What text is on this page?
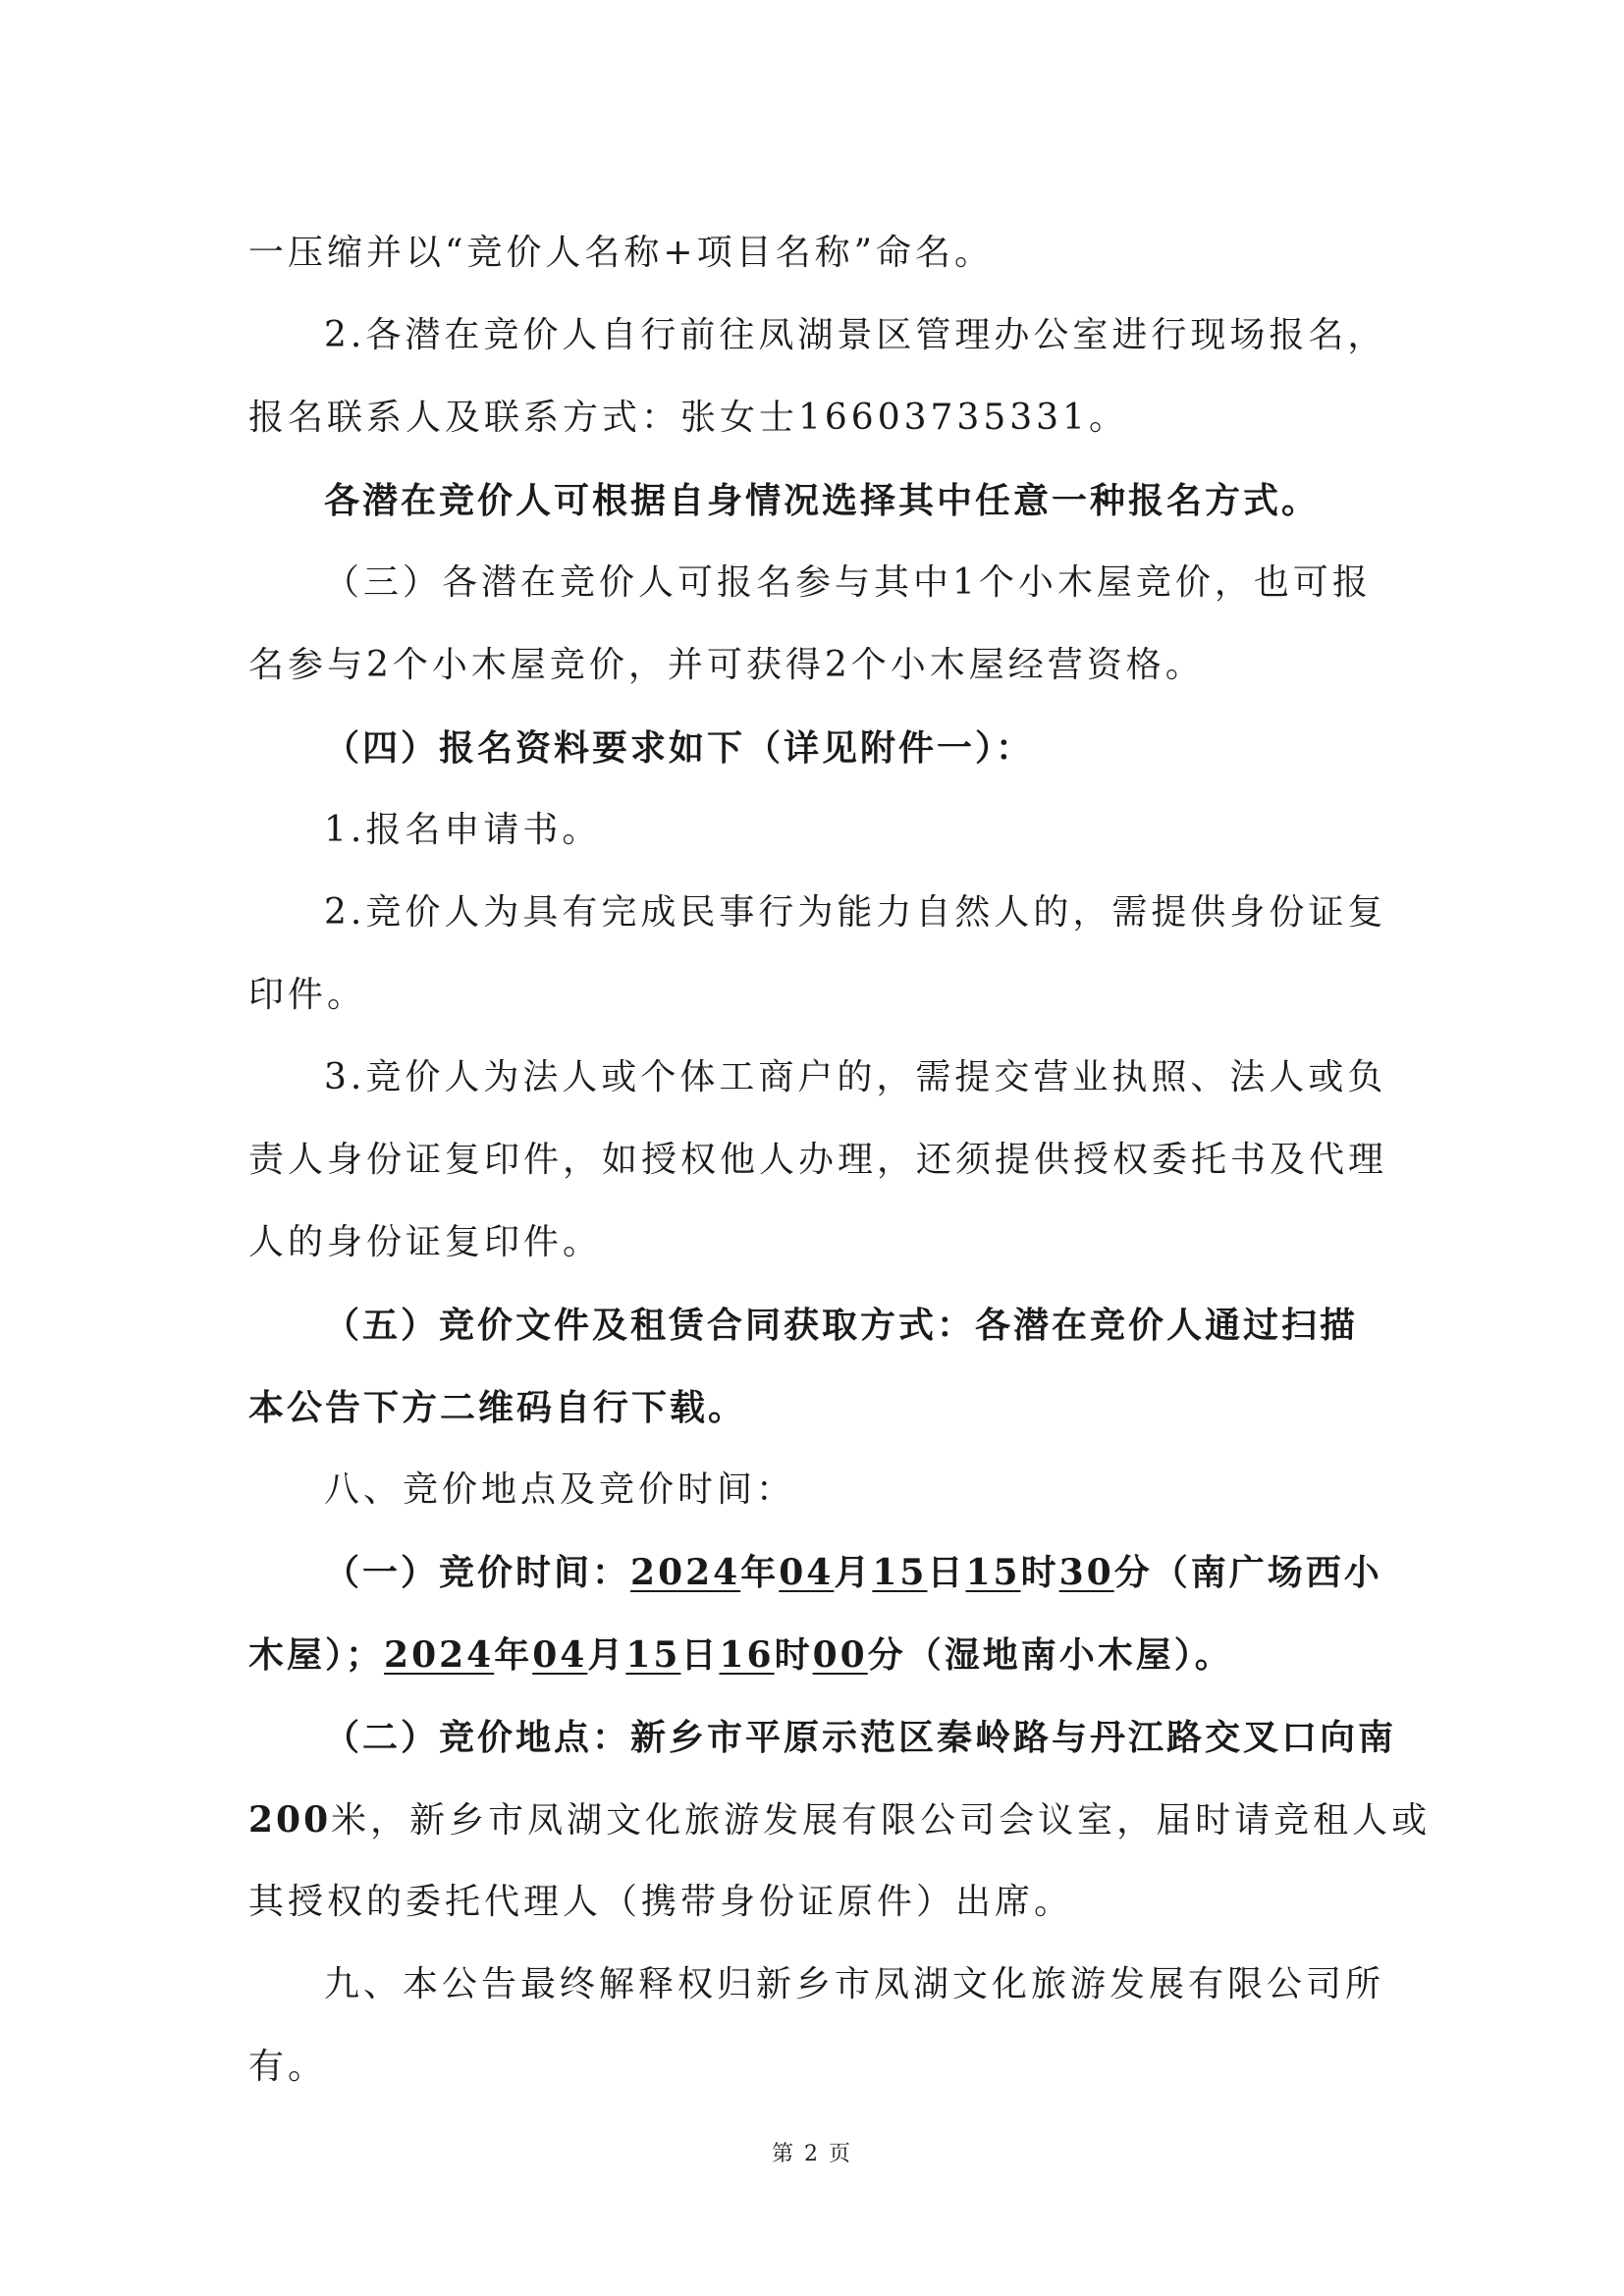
一压缩并以“竞价人名称+项目名称”命名。
2.各潜在竞价人自行前往凤湖景区管理办公室进行现场报名，
报名联系人及联系方式：张女士16603735331。
各潜在竞价人可根据自身情况选择其中任意一种报名方式。
（三）各潜在竞价人可报名参与其中1个小木屋竞价，也可报
名参与2个小木屋竞价，并可获得2个小木屋经营资格。
（四）报名资料要求如下（详见附件一）：
1.报名申请书。
2.竞价人为具有完成民事行为能力自然人的，需提供身份证复
印件。
3.竞价人为法人或个体工商户的，需提交营业执照、法人或负
责人身份证复印件，如授权他人办理，还须提供授权委托书及代理
人的身份证复印件。
（五）竞价文件及租赁合同获取方式：各潜在竞价人通过扫描
本公告下方二维码自行下载。
八、竞价地点及竞价时间：
（一）竞价时间：2024年04月15日15时30分（南广场西小
木屋）；2024年04月15日16时00分（湿地南小木屋）。
（二）竞价地点：新乡市平原示范区秦岭路与丹江路交叉口向南
200米，新乡市凤湖文化旅游发展有限公司会议室，届时请竞租人或
其授权的委托代理人（携带身份证原件）出席。
九、本公告最终解释权归新乡市凤湖文化旅游发展有限公司所
有。
第 2 页
